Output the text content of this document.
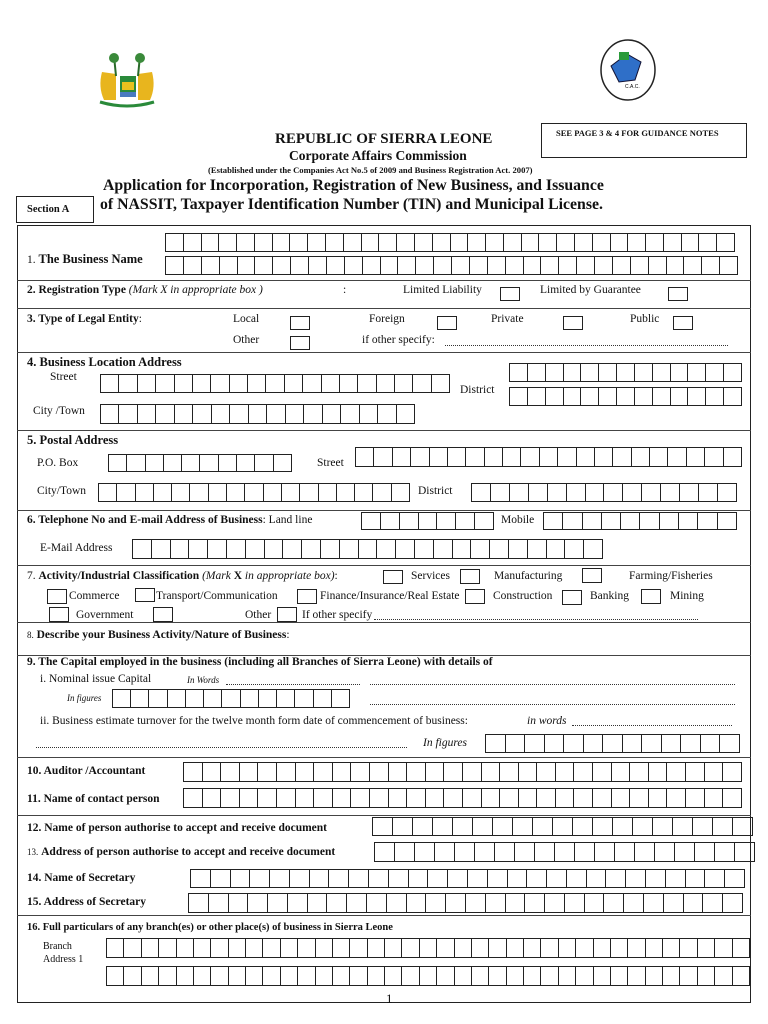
C.A.C.
REPUBLIC OF SIERRA LEONE
Corporate Affairs Commission
(Established under the Companies Act No.5 of 2009 and Business Registration Act. 2007)
Application for Incorporation, Registration of New Business, and Issuance
of NASSIT, Taxpayer Identification Number (TIN) and Municipal License.
SEE PAGE 3 & 4 FOR GUIDANCE NOTES
Section A
1. The Business Name
2. Registration Type (Mark X in appropriate box )	:	Limited Liability	Limited by Guarantee
3. Type of Legal Entity:	Local	Foreign	Private	Public
Other	if other specify:
4. Business Location Address
Street
District
City /Town
5. Postal Address
P.O. Box	Street
City/Town	District
6. Telephone No and E-mail Address of Business: Land line	Mobile
E-Mail Address
7. Activity/Industrial Classification (Mark X in appropriate box):	Services	Manufacturing	Farming/Fisheries
Commerce	Transport/Communication	Finance/Insurance/Real Estate	Construction	Banking	Mining
Government	Other	If other specify
8. Describe your Business Activity/Nature of Business:
9. The Capital employed in the business (including all Branches of Sierra Leone) with details of
i. Nominal issue Capital	In Words
In figures
ii. Business estimate turnover for the twelve month form date of commencement of business:	in words
In figures
10. Auditor /Accountant
11. Name of contact person
12. Name of person authorise to accept and receive document
13. Address of person authorise to accept and receive document
14. Name of Secretary
15. Address of Secretary
16. Full particulars of any branch(es) or other place(s) of business in Sierra Leone
Branch
Address 1
1
